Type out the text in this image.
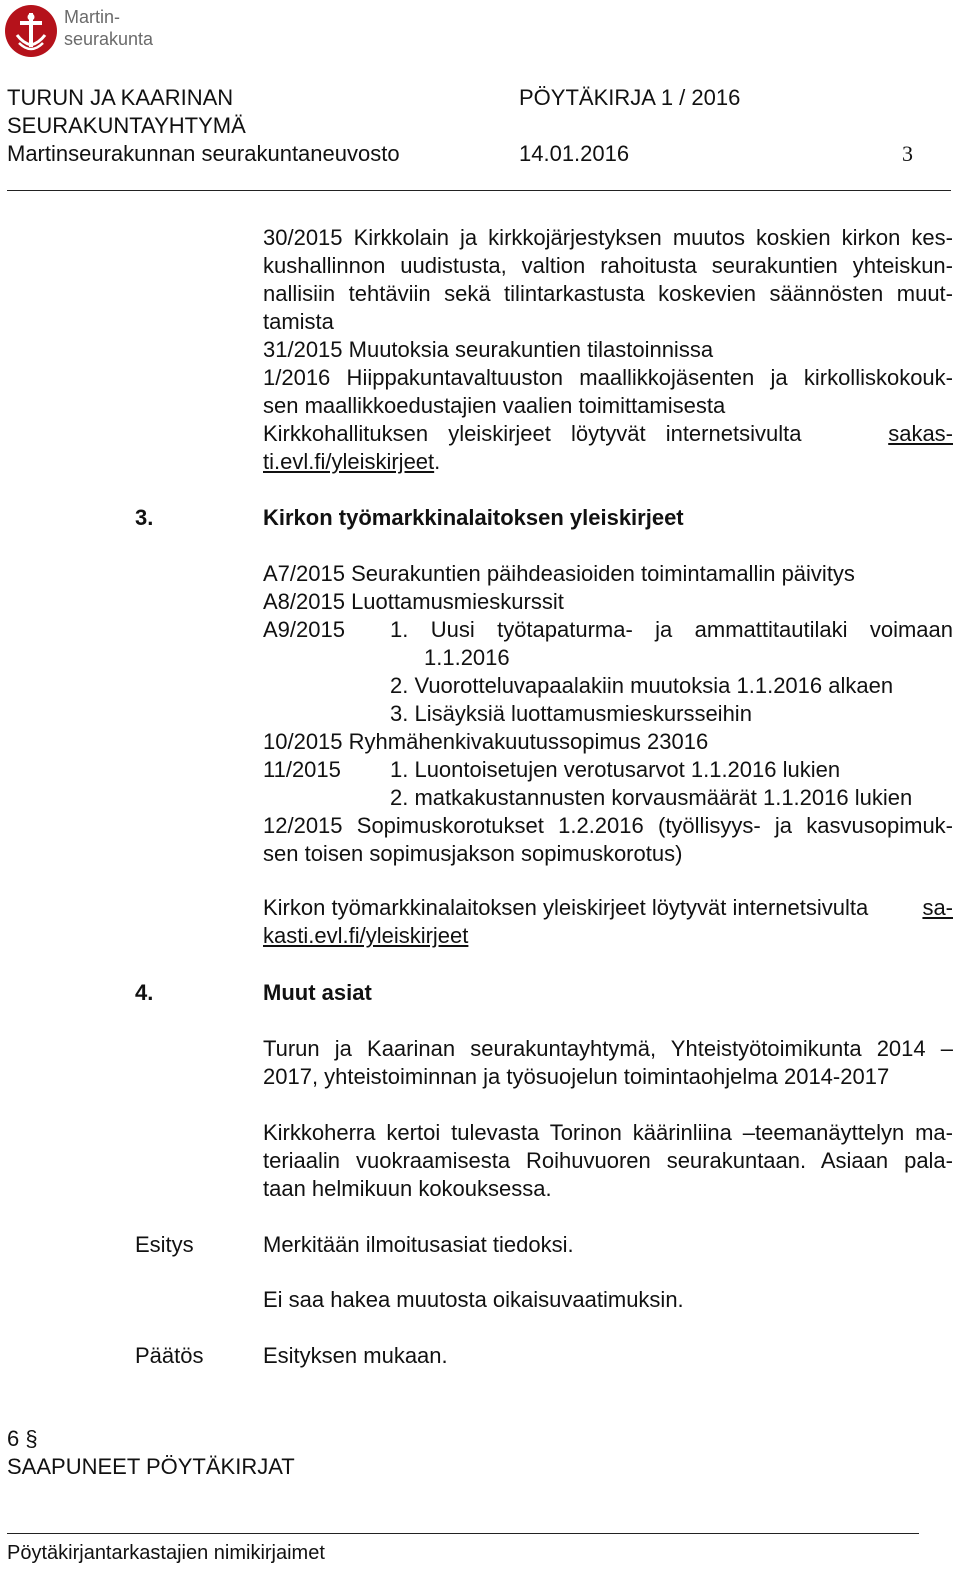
Martin-
seurakunta
TURUN JA KAARINAN
SEURAKUNTAYHTYMÄ
Martinseurakunnan seurakuntaneuvosto
PÖYTÄKIRJA 1 / 2016
14.01.2016	3
30/2015 Kirkkolain ja kirkkojärjestyksen muutos koskien kirkon kes-
kushallinnon uudistusta, valtion rahoitusta seurakuntien yhteiskun-
nallisiin tehtäviin sekä tilintarkastusta koskevien säännösten muut-
tamista
31/2015 Muutoksia seurakuntien tilastoinnissa
1/2016 Hiippakuntavaltuuston maallikkojäsenten ja kirkolliskokouk-
sen maallikkoedustajien vaalien toimittamisesta
Kirkkohallituksen yleiskirjeet löytyvät internetsivulta	sakas-
ti.evl.fi/yleiskirjeet.
3.	Kirkon työmarkkinalaitoksen yleiskirjeet
A7/2015 Seurakuntien päihdeasioiden toimintamallin päivitys
A8/2015 Luottamusmieskurssit
A9/2015 1. Uusi työtapaturma- ja ammattitautilaki voimaan
1.1.2016
2. Vuorotteluvapaalakiin muutoksia 1.1.2016 alkaen
3. Lisäyksiä luottamusmieskursseihin
10/2015 Ryhmähenkivakuutussopimus 23016
11/2015 1. Luontoisetujen verotusarvot 1.1.2016 lukien
2. matkakustannusten korvausmäärät 1.1.2016 lukien
12/2015 Sopimuskorotukset 1.2.2016 (työllisyys- ja kasvusopimuk-
sen toisen sopimusjakson sopimuskorotus)
Kirkon työmarkkinalaitoksen yleiskirjeet löytyvät internetsivulta sa-
kasti.evl.fi/yleiskirjeet
4.	Muut asiat
Turun ja Kaarinan seurakuntayhtymä, Yhteistyötoimikunta 2014 –
2017, yhteistoiminnan ja työsuojelun toimintaohjelma 2014-2017
Kirkkoherra kertoi tulevasta Torinon käärinliina –teemanäyttelyn ma-
teriaalin vuokraamisesta Roihuvuoren seurakuntaan. Asiaan pala-
taan helmikuun kokouksessa.
Esitys	Merkitään ilmoitusasiat tiedoksi.
Ei saa hakea muutosta oikaisuvaatimuksin.
Päätös	Esityksen mukaan.
6 §
SAAPUNEET PÖYTÄKIRJAT
Pöytäkirjantarkastajien nimikirjaimet
